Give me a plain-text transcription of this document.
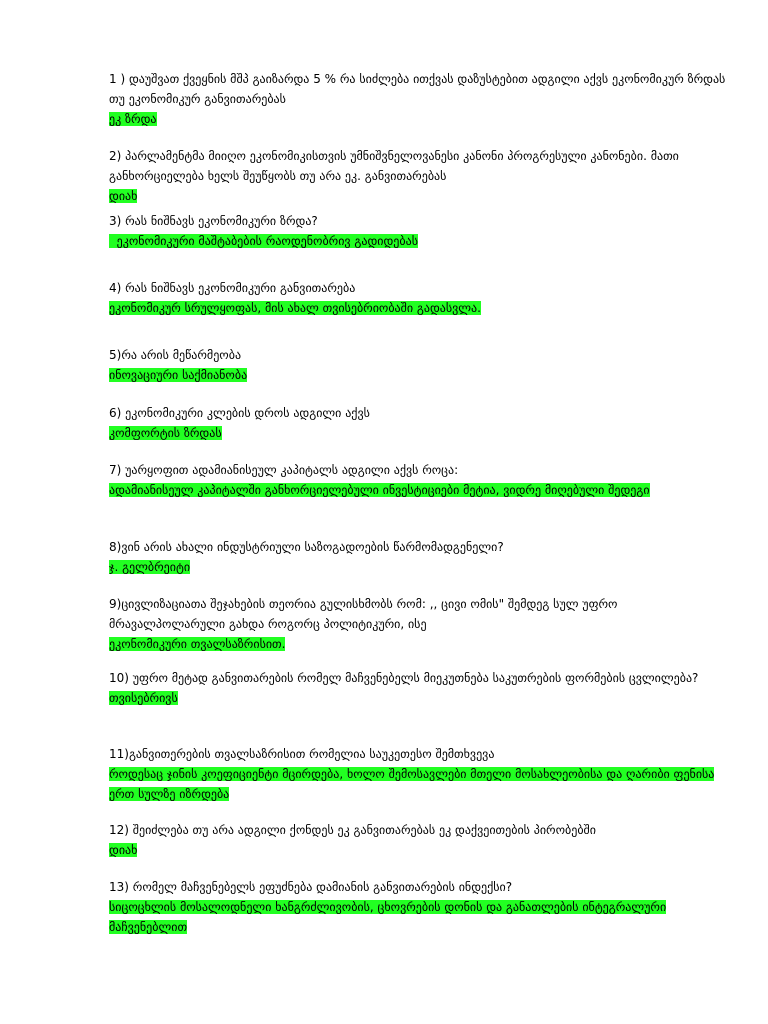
1 ) დაუშვათ ქვეყნის მშპ გაიზარდა 5 % რა სიძლება ითქვას დაზუსტებით ადგილი აქვს ეკონომიკურ ზრდას თუ ეკონომიკურ განვითარებას
ეკ ზრდა
2) პარლამენტმა მიიღო ეკონომიკისთვის უმნიშვნელოვანესი კანონი პროგრესული კანონები. მათი განხორციელება ხელს შეუწყობს თუ არა ეკ. განვითარებას
დიახ
3) რას ნიშნავს ეკონომიკური ზრდა?
ეკონომიკური მაშტაბების რაოდენობრივ გადიდებას
4) რას ნიშნავს ეკონომიკური განვითარება
ეკონომიკურ სრულყოფას, მის ახალ თვისებრიობაში გადასვლა.
5)რა არის მეწარმეობა
ინოვაციური საქმიანობა
6) ეკონომიკური კლების დროს ადგილი აქვს
კომფორტის ზრდას
7) უარყოფით ადამიანისეულ კაპიტალს ადგილი აქვს როცა:
ადამიანისეულ კაპიტალში განხორციელებული ინვესტიციები მეტია, ვიდრე მიღებული შედეგი
8)ვინ არის ახალი ინდუსტრიული საზოგადოების წარმომადგენელი?
ჯ. გელბრეიტი
9)ცივლიზაციათა შეჯახების თეორია გულისხმობს რომ: ,, ცივი ომის" შემდეგ სულ უფრო მრავალპოლარული გახდა როგორც პოლიტიკური, ისე
ეკონომიკური თვალსაზრისით.
10) უფრო მეტად განვითარების რომელ მაჩვენებელს მიეკუთნება საკუთრების ფორმების ცვლილება?
თვისებრივს
11)განვითერების თვალსაზრისით რომელია საუკეთესო შემთხვევა
როდესაც ჯინის კოეფიციენტი მცირდება, ხოლო შემოსავლები მთელი მოსახლეობისა და ღარიბი ფენისა ერთ სულზე იზრდება
12) შეიძლება თუ არა ადგილი ქონდეს ეკ განვითარებას ეკ დაქვეითების პირობებში
დიახ
13) რომელ მაჩვენებელს ეფუძნება დამიანის განვითარების ინდექსი?
სიცოცხლის მოსალოდნელი ხანგრძლივობის, ცხოვრების დონის და განათლების ინტეგრალური მაჩვენებლით
